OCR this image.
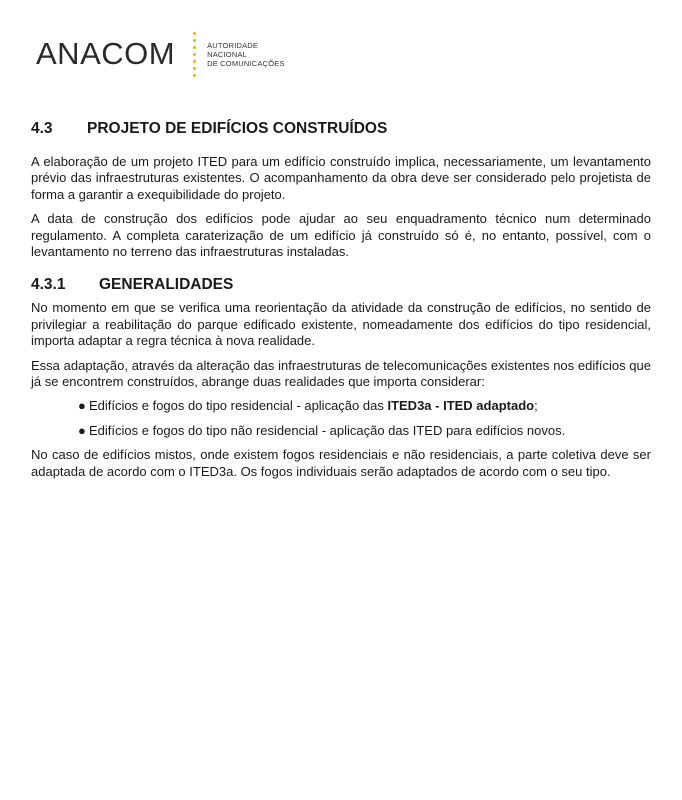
ANACOM	AUTORIDADE
NACIONAL
DE COMUNICAÇÕES
4.3	PROJETO DE EDIFÍCIOS CONSTRUÍDOS

A elaboração de um projeto ITED para um edifício construído implica, necessariamente, um levantamento prévio das infraestruturas existentes. O acompanhamento da obra deve ser considerado pelo projetista de forma a garantir a exequibilidade do projeto.

A data de construção dos edifícios pode ajudar ao seu enquadramento técnico num determinado regulamento. A completa caraterização de um edifício já construído só é, no entanto, possível, com o levantamento no terreno das infraestruturas instaladas.

4.3.1	GENERALIDADES

No momento em que se verifica uma reorientação da atividade da construção de edifícios, no sentido de privilegiar a reabilitação do parque edificado existente, nomeadamente dos edifícios do tipo residencial, importa adaptar a regra técnica à nova realidade.

Essa adaptação, através da alteração das infraestruturas de telecomunicações existentes nos edifícios que já se encontrem construídos, abrange duas realidades que importa considerar:

● Edifícios e fogos do tipo residencial - aplicação das ITED3a - ITED adaptado;
● Edifícios e fogos do tipo não residencial - aplicação das ITED para edifícios novos.

No caso de edifícios mistos, onde existem fogos residenciais e não residenciais, a parte coletiva deve ser adaptada de acordo com o ITED3a. Os fogos individuais serão adaptados de acordo com o seu tipo.
